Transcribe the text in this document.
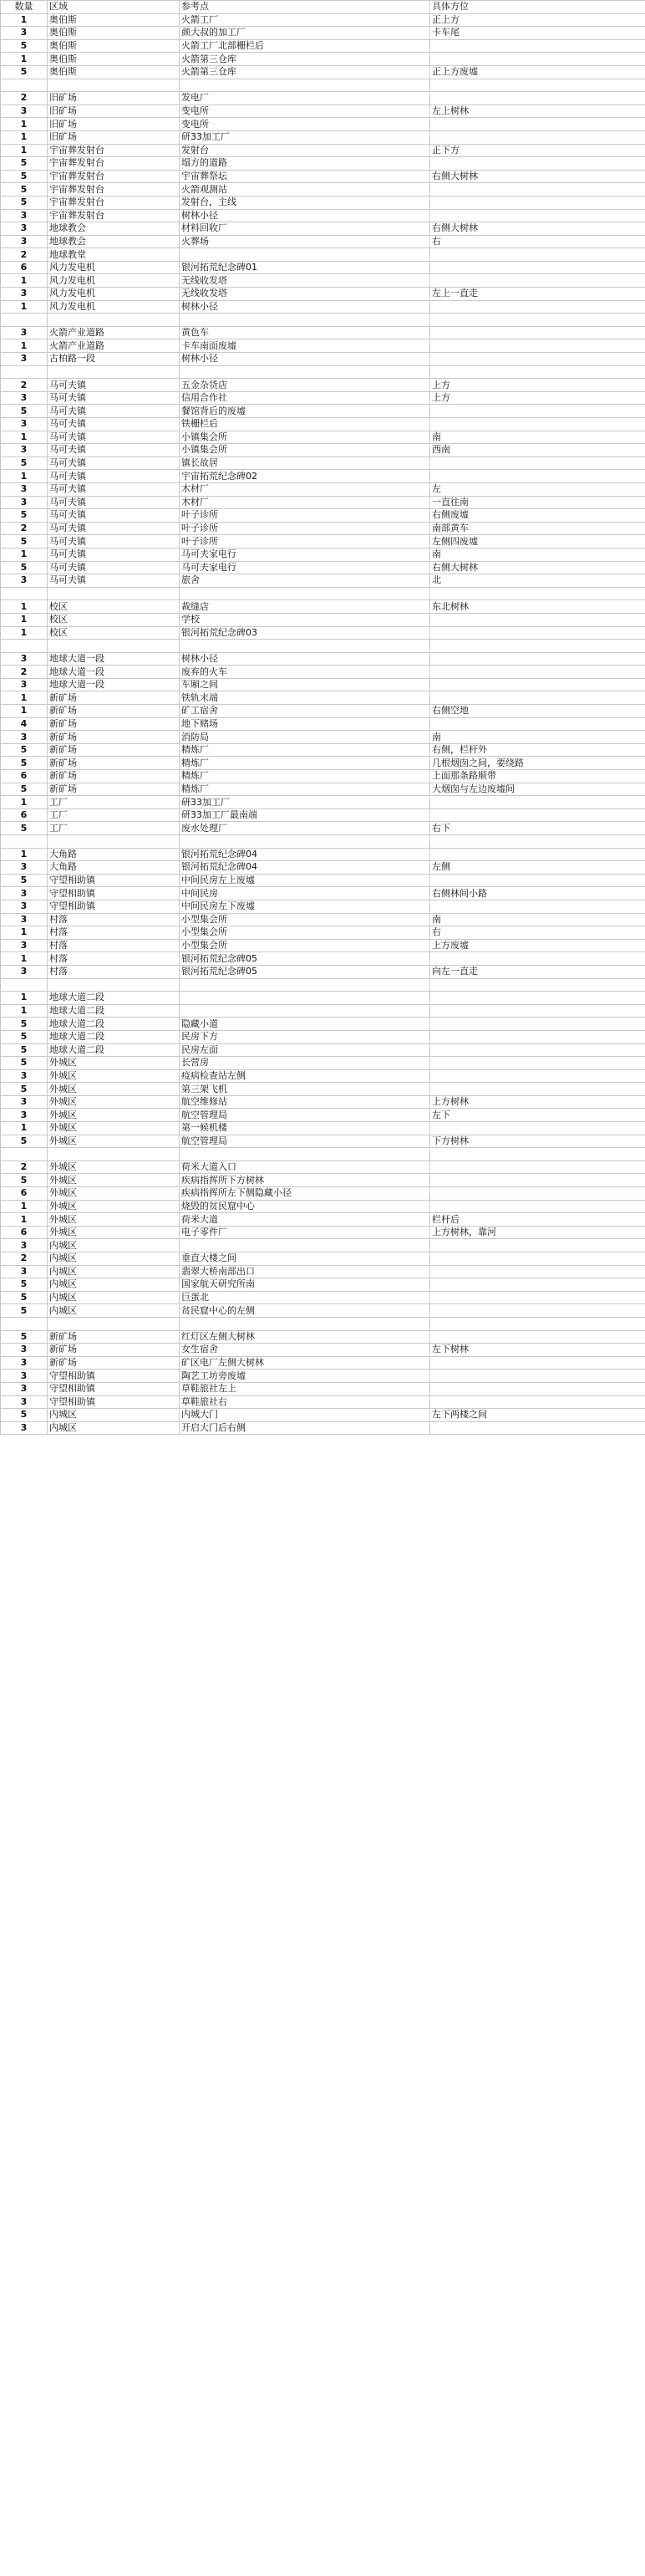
数量	区域	参考点	具体方位
1	奥伯斯	火箭工厂	正上方
3	奥伯斯	颜大叔的加工厂	卡车尾
5	奥伯斯	火箭工厂北部栅栏后	
1	奥伯斯	火箭第三仓库	
5	奥伯斯	火箭第三仓库	正上方废墟

2	旧矿场	发电厂	
3	旧矿场	变电所	左上树林
1	旧矿场	变电所	
1	旧矿场	研33加工厂	
1	宇宙葬发射台	发射台	正下方
5	宇宙葬发射台	塌方的道路	
5	宇宙葬发射台	宇宙葬祭坛	右侧大树林
5	宇宙葬发射台	火箭观测站	
5	宇宙葬发射台	发射台，主线	
3	宇宙葬发射台	树林小径	
3	地球教会	材料回收厂	右侧大树林
3	地球教会	火葬场	右
2	地球教堂		
6	风力发电机	银河拓荒纪念碑01	
1	风力发电机	无线收发塔	
3	风力发电机	无线收发塔	左上一直走
1	风力发电机	树林小径	

3	火箭产业道路	黄色车	
1	火箭产业道路	卡车南面废墟	
3	古柏路一段	树林小径	

2	马可夫镇	五金杂货店	上方
3	马可夫镇	信用合作社	上方
5	马可夫镇	餐馆背后的废墟	
3	马可夫镇	铁栅栏后	
1	马可夫镇	小镇集会所	南
3	马可夫镇	小镇集会所	西南
5	马可夫镇	镇长故居	
1	马可夫镇	宇宙拓荒纪念碑02	
3	马可夫镇	木材厂	左
3	马可夫镇	木材厂	一直往南
5	马可夫镇	叶子诊所	右侧废墟
2	马可夫镇	叶子诊所	南部黄车
5	马可夫镇	叶子诊所	左侧四废墟
1	马可夫镇	马可夫家电行	南
5	马可夫镇	马可夫家电行	右侧大树林
3	马可夫镇	旅舍	北

1	校区	裁缝店	东北树林
1	校区	学校	
1	校区	银河拓荒纪念碑03	

3	地球大道一段	树林小径	
2	地球大道一段	废弃的火车	
3	地球大道一段	车厢之间	
1	新矿场	铁轨末端	
1	新矿场	矿工宿舍	右侧空地
4	新矿场	地下赌场	
3	新矿场	消防局	南
5	新矿场	精炼厂	右侧，栏杆外
5	新矿场	精炼厂	几根烟囱之间，要绕路
6	新矿场	精炼厂	上面那条路顺带
5	新矿场	精炼厂	大烟囱与左边废墟间
1	工厂	研33加工厂	
6	工厂	研33加工厂最南端	
5	工厂	废水处理厂	右下

1	大角路	银河拓荒纪念碑04	
3	大角路	银河拓荒纪念碑04	左侧
5	守望相助镇	中间民房左上废墟	
3	守望相助镇	中间民房	右侧林间小路
3	守望相助镇	中间民房左下废墟	
3	村落	小型集会所	南
1	村落	小型集会所	右
3	村落	小型集会所	上方废墟
1	村落	银河拓荒纪念碑05	
3	村落	银河拓荒纪念碑05	向左一直走

1	地球大道二段		
1	地球大道二段		
5	地球大道二段	隐藏小道	
5	地球大道二段	民房下方	
5	地球大道二段	民房左面	
5	外城区	长营房	
3	外城区	疫病检查站左侧	
5	外城区	第三架飞机	
3	外城区	航空维修站	上方树林
3	外城区	航空管理局	左下
1	外城区	第一候机楼	
5	外城区	航空管理局	下方树林

2	外城区	荷米大道入口	
5	外城区	疾病指挥所下方树林	
6	外城区	疾病指挥所左下侧隐藏小径	
1	外城区	烧毁的贫民窟中心	
1	外城区	荷米大道	栏杆后
6	外城区	电子零件厂	上方树林，靠河
3	内城区		
2	内城区	垂直大楼之间	
3	内城区	翡翠大桥南部出口	
5	内城区	国家航天研究所南	
5	内城区	巨蛋北	
5	内城区	贫民窟中心的左侧	

5	新矿场	红灯区左侧大树林	
3	新矿场	女生宿舍	左下树林
3	新矿场	矿区电厂左侧大树林	
3	守望相助镇	陶艺工坊旁废墟	
3	守望相助镇	草鞋旅社左上	
3	守望相助镇	草鞋旅社右	
5	内城区	内城大门	左下两楼之间
3	内城区	开启大门后右侧	
